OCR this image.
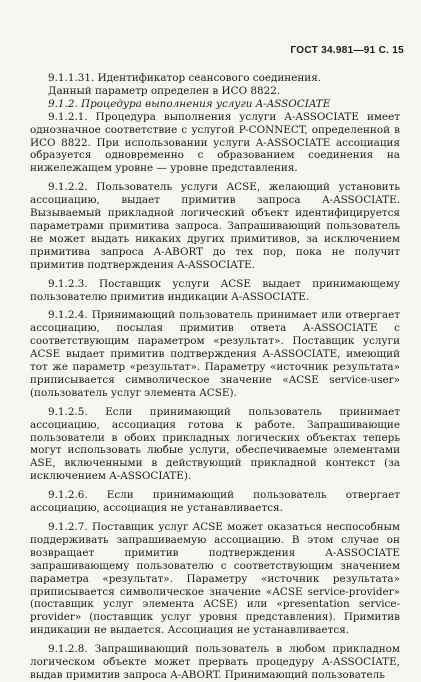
ГОСТ 34.981—91 С. 15

9.1.1.31. Идентификатор сеансового соединения.

Данный параметр определен в ИСО 8822.

9.1.2. Процедура выполнения услуги A-ASSOCIATE

9.1.2.1. Процедура выполнения услуги A-ASSOCIATE имеет однозначное соответствие с услугой P-CONNECT, определенной в ИСО 8822. При использовании услуги A-ASSOCIATE ассоциация образуется одновременно с образованием соединения на нижележащем уровне — уровне представления.

9.1.2.2. Пользователь услуги ACSE, желающий установить ассоциацию, выдает примитив запроса A-ASSOCIATE. Вызываемый прикладной логический объект идентифицируется параметрами примитива запроса. Запрашивающий пользователь не может выдать никаких других примитивов, за исключением примитива запроса A-ABORT до тех пор, пока не получит примитив подтверждения A-ASSOCIATE.

9.1.2.3. Поставщик услуги ACSE выдает принимающему пользователю примитив индикации A-ASSOCIATE.

9.1.2.4. Принимающий пользователь принимает или отвергает ассоциацию, посылая примитив ответа A-ASSOCIATE с соответствующим параметром «результат». Поставщик услуги ACSE выдает примитив подтверждения A-ASSOCIATE, имеющий тот же параметр «результат». Параметру «источник результата» приписывается символическое значение «ACSE service-user» (пользователь услуг элемента ACSE).

9.1.2.5. Если принимающий пользователь принимает ассоциацию, ассоциация готова к работе. Запрашивающие пользователи в обоих прикладных логических объектах теперь могут использовать любые услуги, обеспечиваемые элементами ASE, включенными в действующий прикладной контекст (за исключением A-ASSOCIATE).

9.1.2.6. Если принимающий пользователь отвергает ассоциацию, ассоциация не устанавливается.

9.1.2.7. Поставщик услуг ACSE может оказаться неспособным поддерживать запрашиваемую ассоциацию. В этом случае он возвращает примитив подтверждения A-ASSOCIATE запрашивающему пользователю с соответствующим значением параметра «результат». Параметру «источник результата» приписывается символическое значение «ACSE service-provider» (поставщик услуг элемента ACSE) или «presentation service-provider» (поставщик услуг уровня представления). Примитив индикации не выдается. Ассоциация не устанавливается.

9.1.2.8. Запрашивающий пользователь в любом прикладном логическом объекте может прервать процедуру A-ASSOCIATE, выдав примитив запроса A-ABORT. Принимающий пользователь
